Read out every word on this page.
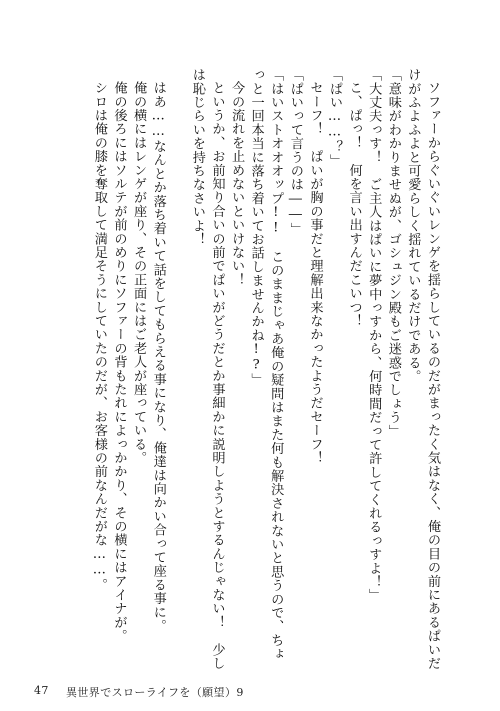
ソファーからぐいぐいレンゲを揺らしているのだがまったく気はなく、俺の目の前にあるぱいだけがふよふよと可愛らしく揺れているだけである。

「意味がわかりませぬが、ゴシュジン殿もご迷惑でしょう」

「大丈夫っす！　ご主人はぱいに夢中っすから、何時間だって許してくれるっすよ！」

こ、ぱっ！　何を言い出すんだこいつ！

「ぱい……？」

セーフ！　ぱいが胸の事だと理解出来なかったようだセーフ！

「ぱいって言うのは――」

「はいストオオオップ!!　このままじゃあ俺の疑問はまた何も解決されないと思うので、ちょっと一回本当に落ち着いてお話しませんかね!?」

今の流れを止めないといけない！

というか、お前知り合いの前でぱいがどうだとか事細かに説明しようとするんじゃない！　少しは恥じらいを持ちなさいよ！

はあ……なんとか落ち着いて話をしてもらえる事になり、俺達は向かい合って座る事に。

俺の横にはレンゲが座り、その正面にはご老人が座っている。

俺の後ろにはソルテが前のめりにソファーの背もたれによっかかり、その横にはアイナが。

シロは俺の膝を奪取して満足そうにしていたのだが、お客様の前なんだがな……。

47 異世界でスローライフを（願望）9
